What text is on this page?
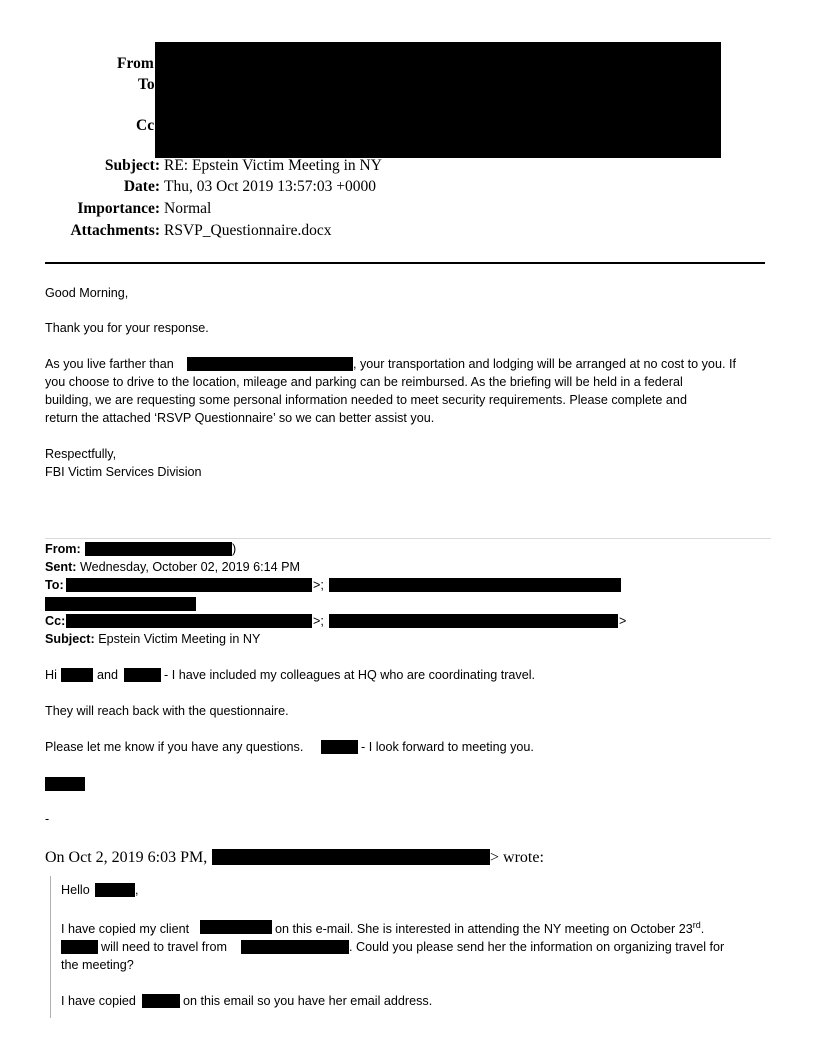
From
To
Cc
Subject: RE: Epstein Victim Meeting in NY
Date: Thu, 03 Oct 2019 13:57:03 +0000
Importance: Normal
Attachments: RSVP_Questionnaire.docx
Good Morning,
Thank you for your response.
As you live farther than	, your transportation and lodging will be arranged at no cost to you. If
you choose to drive to the location, mileage and parking can be reimbursed. As the briefing will be held in a federal
building, we are requesting some personal information needed to meet security requirements. Please complete and
return the attached ‘RSVP Questionnaire’ so we can better assist you.
Respectfully,
FBI Victim Services Division
From:	)
Sent: Wednesday, October 02, 2019 6:14 PM
To:	>;
Cc:	>;	>
Subject: Epstein Victim Meeting in NY
Hi	and	- I have included my colleagues at HQ who are coordinating travel.
They will reach back with the questionnaire.
Please let me know if you have any questions.	- I look forward to meeting you.
-
On Oct 2, 2019 6:03 PM,	> wrote:
Hello	,
I have copied my client	on this e-mail. She is interested in attending the NY meeting on October 23rd.
will need to travel from	. Could you please send her the information on organizing travel for
the meeting?
I have copied	on this email so you have her email address.
